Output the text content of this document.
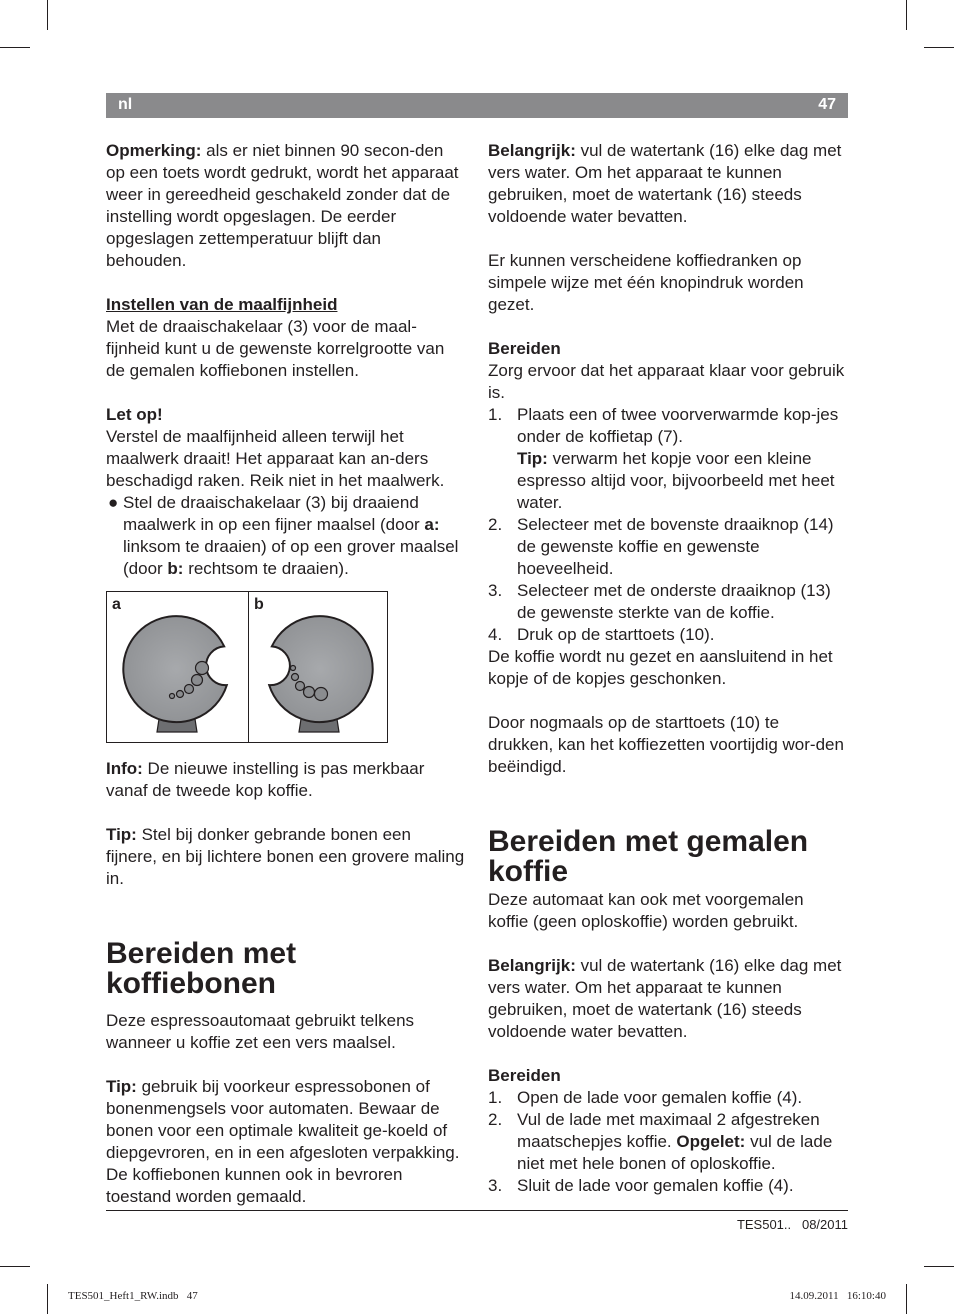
nl	47

Opmerking: als er niet binnen 90 secon-den op een toets wordt gedrukt, wordt het apparaat weer in gereedheid geschakeld zonder dat de instelling wordt opgeslagen. De eerder opgeslagen zettemperatuur blijft dan behouden.

Instellen van de maalfijnheid

Met de draaischakelaar (3) voor de maal-fijnheid kunt u de gewenste korrelgrootte van de gemalen koffiebonen instellen.

Let op!

Verstel de maalfijnheid alleen terwijl het maalwerk draait! Het apparaat kan an-ders beschadigd raken. Reik niet in het maalwerk.

● Stel de draaischakelaar (3) bij draaiend maalwerk in op een fijner maalsel (door a: linksom te draaien) of op een grover maalsel (door b: rechtsom te draaien).
a	b

Info: De nieuwe instelling is pas merkbaar vanaf de tweede kop koffie.

Tip: Stel bij donker gebrande bonen een fijnere, en bij lichtere bonen een grovere maling in.

Bereiden met koffiebonen

Deze espressoautomaat gebruikt telkens wanneer u koffie zet een vers maalsel.

Tip: gebruik bij voorkeur espressobonen of bonenmengsels voor automaten. Bewaar de bonen voor een optimale kwaliteit ge-koeld of diepgevroren, en in een afgesloten verpakking. De koffiebonen kunnen ook in bevroren toestand worden gemaald.

Belangrijk: vul de watertank (16) elke dag met vers water. Om het apparaat te kunnen gebruiken, moet de watertank (16) steeds voldoende water bevatten.

Er kunnen verscheidene koffiedranken op simpele wijze met één knopindruk worden gezet.

Bereiden

Zorg ervoor dat het apparaat klaar voor gebruik is.

1. Plaats een of twee voorverwarmde kop-jes onder de koffietap (7).
Tip: verwarm het kopje voor een kleine espresso altijd voor, bijvoorbeeld met heet water.
2. Selecteer met de bovenste draaiknop (14) de gewenste koffie en gewenste hoeveelheid.
3. Selecteer met de onderste draaiknop (13) de gewenste sterkte van de koffie.
4. Druk op de starttoets (10).

De koffie wordt nu gezet en aansluitend in het kopje of de kopjes geschonken.

Door nogmaals op de starttoets (10) te drukken, kan het koffiezetten voortijdig wor-den beëindigd.

Bereiden met gemalen koffie

Deze automaat kan ook met voorgemalen koffie (geen oploskoffie) worden gebruikt.

Belangrijk: vul de watertank (16) elke dag met vers water. Om het apparaat te kunnen gebruiken, moet de watertank (16) steeds voldoende water bevatten.

Bereiden

1. Open de lade voor gemalen koffie (4).
2. Vul de lade met maximaal 2 afgestreken maatschepjes koffie. Opgelet: vul de lade niet met hele bonen of oploskoffie.
3. Sluit de lade voor gemalen koffie (4).
TES501..   08/2011
TES501_Heft1_RW.indb   47	14.09.2011   16:10:40
